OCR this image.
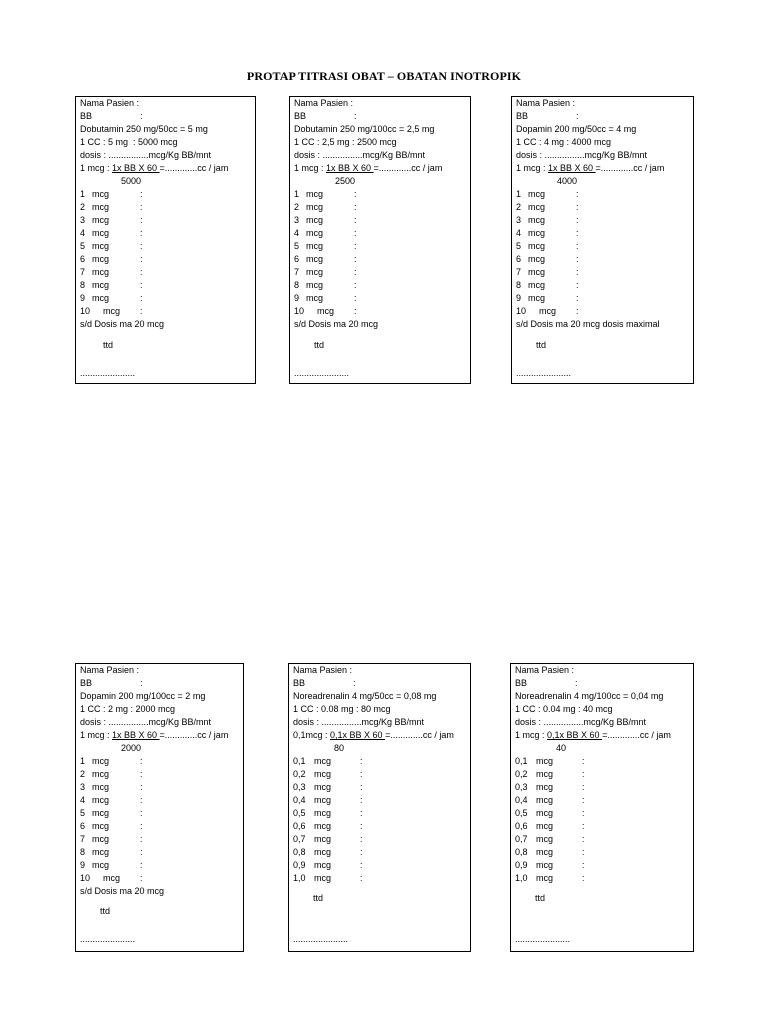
PROTAP TITRASI OBAT – OBATAN INOTROPIK
Nama Pasien :
BB	:
Dobutamin 250 mg/50cc = 5 mg
1 CC : 5 mg  : 5000 mcg
dosis : ................mcg/Kg BB/mnt
1 mcg : 1x BB X 60 =.............cc / jam
5000
1 mcg	:
2 mcg	:
3 mcg	:
4 mcg	:
5 mcg	:
6 mcg	:
7 mcg	:
8 mcg	:
9 mcg	:
10 mcg :
s/d Dosis ma 20 mcg
ttd
......................
Nama Pasien :
BB	:
Dobutamin 250 mg/100cc = 2,5 mg
1 CC : 2,5 mg : 2500 mcg
dosis : ................mcg/Kg BB/mnt
1 mcg : 1x BB X 60 =.............cc / jam
2500
1 mcg	:
2 mcg	:
3 mcg	:
4 mcg	:
5 mcg	:
6 mcg	:
7 mcg	:
8 mcg	:
9 mcg	:
10 mcg :
s/d Dosis ma 20 mcg
ttd
......................
Nama Pasien :
BB	:
Dopamin 200 mg/50cc = 4 mg
1 CC : 4 mg : 4000 mcg
dosis : ................mcg/Kg BB/mnt
1 mcg : 1x BB X 60 =.............cc / jam
4000
1 mcg	:
2 mcg	:
3 mcg	:
4 mcg	:
5 mcg	:
6 mcg	:
7 mcg	:
8 mcg	:
9 mcg	:
10 mcg :
s/d Dosis ma 20 mcg dosis maximal
ttd
......................
Nama Pasien :
BB	:
Dopamin 200 mg/100cc = 2 mg
1 CC : 2 mg : 2000 mcg
dosis : ................mcg/Kg BB/mnt
1 mcg : 1x BB X 60 =.............cc / jam
2000
1 mcg	:
2 mcg	:
3 mcg	:
4 mcg	:
5 mcg	:
6 mcg	:
7 mcg	:
8 mcg	:
9 mcg	:
10 mcg :
s/d Dosis ma 20 mcg
ttd
......................
Nama Pasien :
BB	:
Noreadrenalin 4 mg/50cc = 0,08 mg
1 CC : 0.08 mg : 80 mcg
dosis : ................mcg/Kg BB/mnt
0,1mcg : 0,1x BB X 60 =.............cc / jam
80
0,1 mcg	:
0,2 mcg	:
0,3 mcg	:
0,4 mcg	:
0,5 mcg	:
0,6 mcg	:
0,7 mcg	:
0,8 mcg	:
0,9 mcg	:
1,0 mcg	:
ttd
......................
Nama Pasien :
BB	:
Noreadrenalin 4 mg/100cc = 0,04 mg
1 CC : 0.04 mg : 40 mcg
dosis : ................mcg/Kg BB/mnt
1 mcg : 0,1x BB X 60 =.............cc / jam
40
0,1 mcg	:
0,2 mcg	:
0,3 mcg	:
0,4 mcg	:
0,5 mcg	:
0,6 mcg	:
0,7 mcg	:
0,8 mcg	:
0,9 mcg	:
1,0 mcg	:
ttd
......................
